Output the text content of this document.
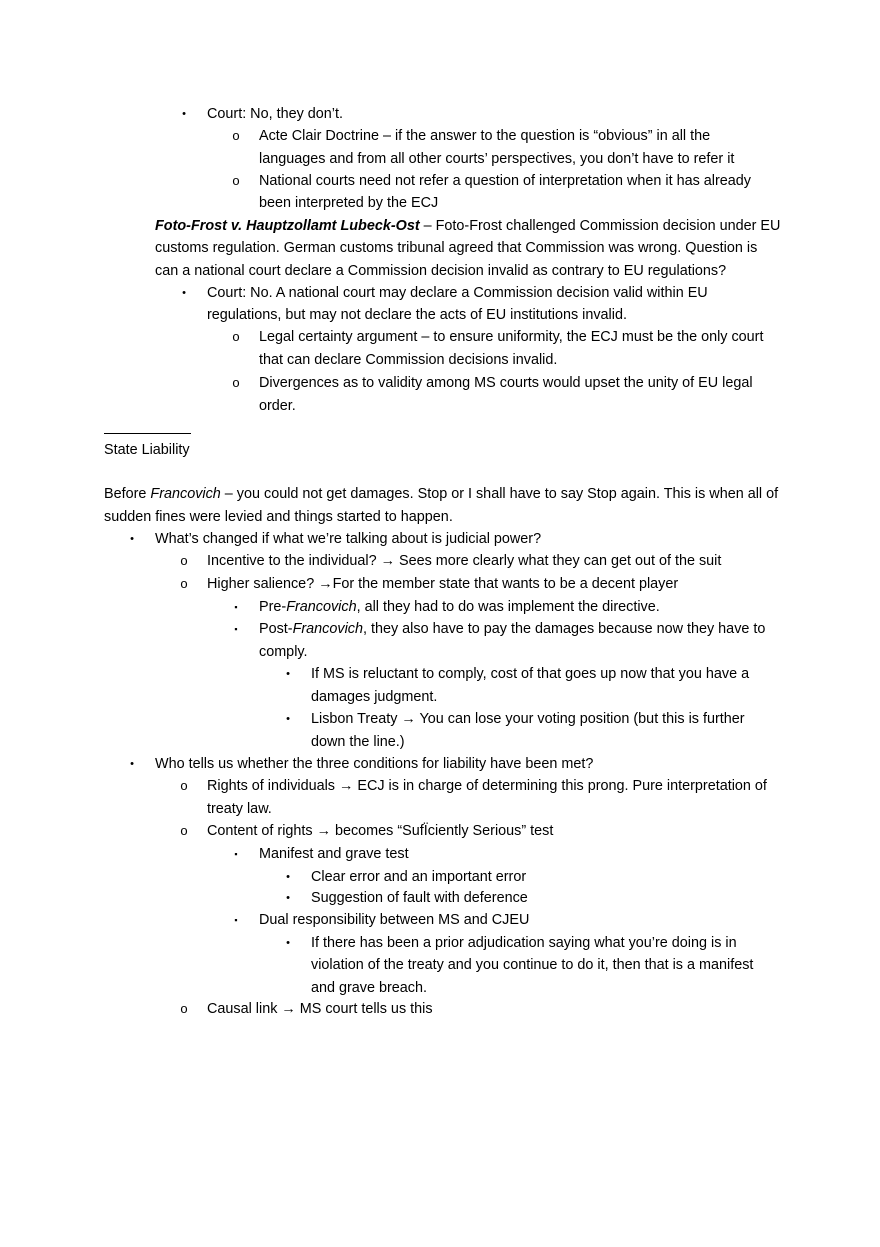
•	Court: No, they don’t.
o Acte Clair Doctrine – if the answer to the question is “obvious” in all the
languages and from all other courts’ perspectives, you don’t have to refer it
o National courts need not refer a question of interpretation when it has already
been interpreted by the ECJ
Foto-Frost v. Hauptzollamt Lubeck-Ost – Foto-Frost challenged Commission decision under EU
customs regulation. German customs tribunal agreed that Commission was wrong. Question is
can a national court declare a Commission decision invalid as contrary to EU regulations?
•	Court: No. A national court may declare a Commission decision valid within EU
regulations, but may not declare the acts of EU institutions invalid.
o Legal certainty argument – to ensure uniformity, the ECJ must be the only court
that can declare Commission decisions invalid.
o Divergences as to validity among MS courts would upset the unity of EU legal
order.
State Liability
Before Francovich – you could not get damages. Stop or I shall have to say Stop again. This is when all of
sudden fines were levied and things started to happen.
•	What’s changed if what we’re talking about is judicial power?
o Incentive to the individual? → Sees more clearly what they can get out of the suit
o Higher salience? →For the member state that wants to be a decent player
▪	Pre-Francovich, all they had to do was implement the directive.
▪	Post-Francovich, they also have to pay the damages because now they have to
comply.
•	If MS is reluctant to comply, cost of that goes up now that you have a
damages judgment.
•	Lisbon Treaty → You can lose your voting position (but this is further
down the line.)
•	Who tells us whether the three conditions for liability have been met?
o Rights of individuals → ECJ is in charge of determining this prong. Pure interpretation of
treaty law.
o Content of rights → becomes “SufÏciently Serious” test
▪	Manifest and grave test
•	Clear error and an important error
•	Suggestion of fault with deference
▪	Dual responsibility between MS and CJEU
•	If there has been a prior adjudication saying what you’re doing is in
violation of the treaty and you continue to do it, then that is a manifest
and grave breach.
o Causal link → MS court tells us this
